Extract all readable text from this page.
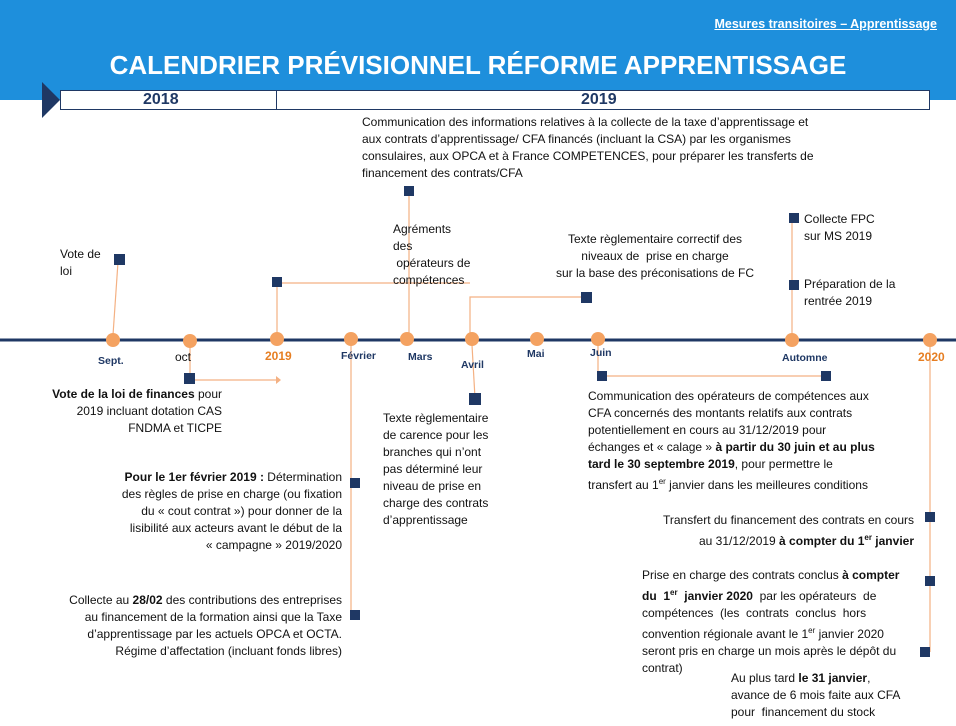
Mesures transitoires – Apprentissage
CALENDRIER PRÉVISIONNEL RÉFORME APPRENTISSAGE
2018	2019
Sept.	oct	2019	Février	Mars
Avril
Mai	Juin	Automne	2020
Vote de
loi
Communication des informations relatives à la collecte de la taxe d’apprentissage et
aux contrats d’apprentissage/ CFA financés (incluant la CSA) par les organismes
consulaires, aux OPCA et à France COMPETENCES, pour préparer les transferts de
financement des contrats/CFA
Agréments
des
opérateurs de
compétences
Texte règlementaire correctif des
niveaux de  prise en charge
sur la base des préconisations de FC
Collecte FPC
sur MS 2019
Préparation de la
rentrée 2019
Vote de la loi de finances pour
2019 incluant dotation CAS
FNDMA et TICPE
Texte règlementaire
de carence pour les
branches qui n’ont
pas déterminé leur
niveau de prise en
charge des contrats
d’apprentissage
Communication des opérateurs de compétences aux
CFA concernés des montants relatifs aux contrats
potentiellement en cours au 31/12/2019 pour
échanges et « calage » à partir du 30 juin et au plus
tard le 30 septembre 2019, pour permettre le
transfert au 1er janvier dans les meilleures conditions
Pour le 1er février 2019 : Détermination
des règles de prise en charge (ou fixation
du « cout contrat ») pour donner de la
lisibilité aux acteurs avant le début de la
« campagne » 2019/2020
Transfert du financement des contrats en cours
au 31/12/2019 à compter du 1er janvier
Prise en charge des contrats conclus à compter
du  1er  janvier 2020  par les opérateurs  de
compétences  (les  contrats  conclus  hors
convention régionale avant le 1er janvier 2020
seront pris en charge un mois après le dépôt du
contrat)
Collecte au 28/02 des contributions des entreprises
au financement de la formation ainsi que la Taxe
d’apprentissage par les actuels OPCA et OCTA.
Régime d’affectation (incluant fonds libres)
Au plus tard le 31 janvier,
avance de 6 mois faite aux CFA
pour  financement du stock
